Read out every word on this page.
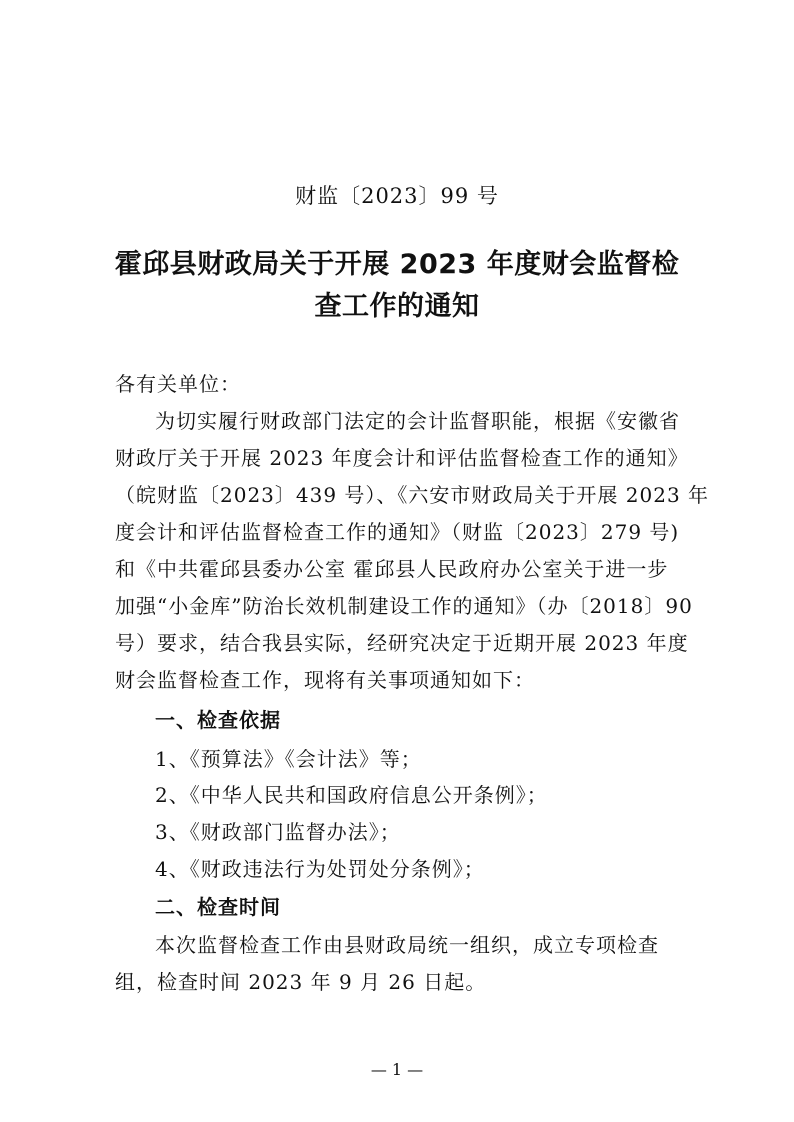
财监〔2023〕99 号
霍邱县财政局关于开展 2023 年度财会监督检
查工作的通知
各有关单位：
为切实履行财政部门法定的会计监督职能，根据《安徽省
财政厅关于开展 2023 年度会计和评估监督检查工作的通知》
（皖财监〔2023〕439 号）、《六安市财政局关于开展 2023 年
度会计和评估监督检查工作的通知》（财监〔2023〕279 号)
和《中共霍邱县委办公室 霍邱县人民政府办公室关于进一步
加强“小金库”防治长效机制建设工作的通知》（办〔2018〕90
号）要求，结合我县实际，经研究决定于近期开展 2023 年度
财会监督检查工作，现将有关事项通知如下：
一、检查依据
1、《预算法》《会计法》等；
2、《中华人民共和国政府信息公开条例》；
3、《财政部门监督办法》；
4、《财政违法行为处罚处分条例》；
二、检查时间
本次监督检查工作由县财政局统一组织，成立专项检查
组，检查时间 2023 年 9 月 26 日起。
— 1 —
